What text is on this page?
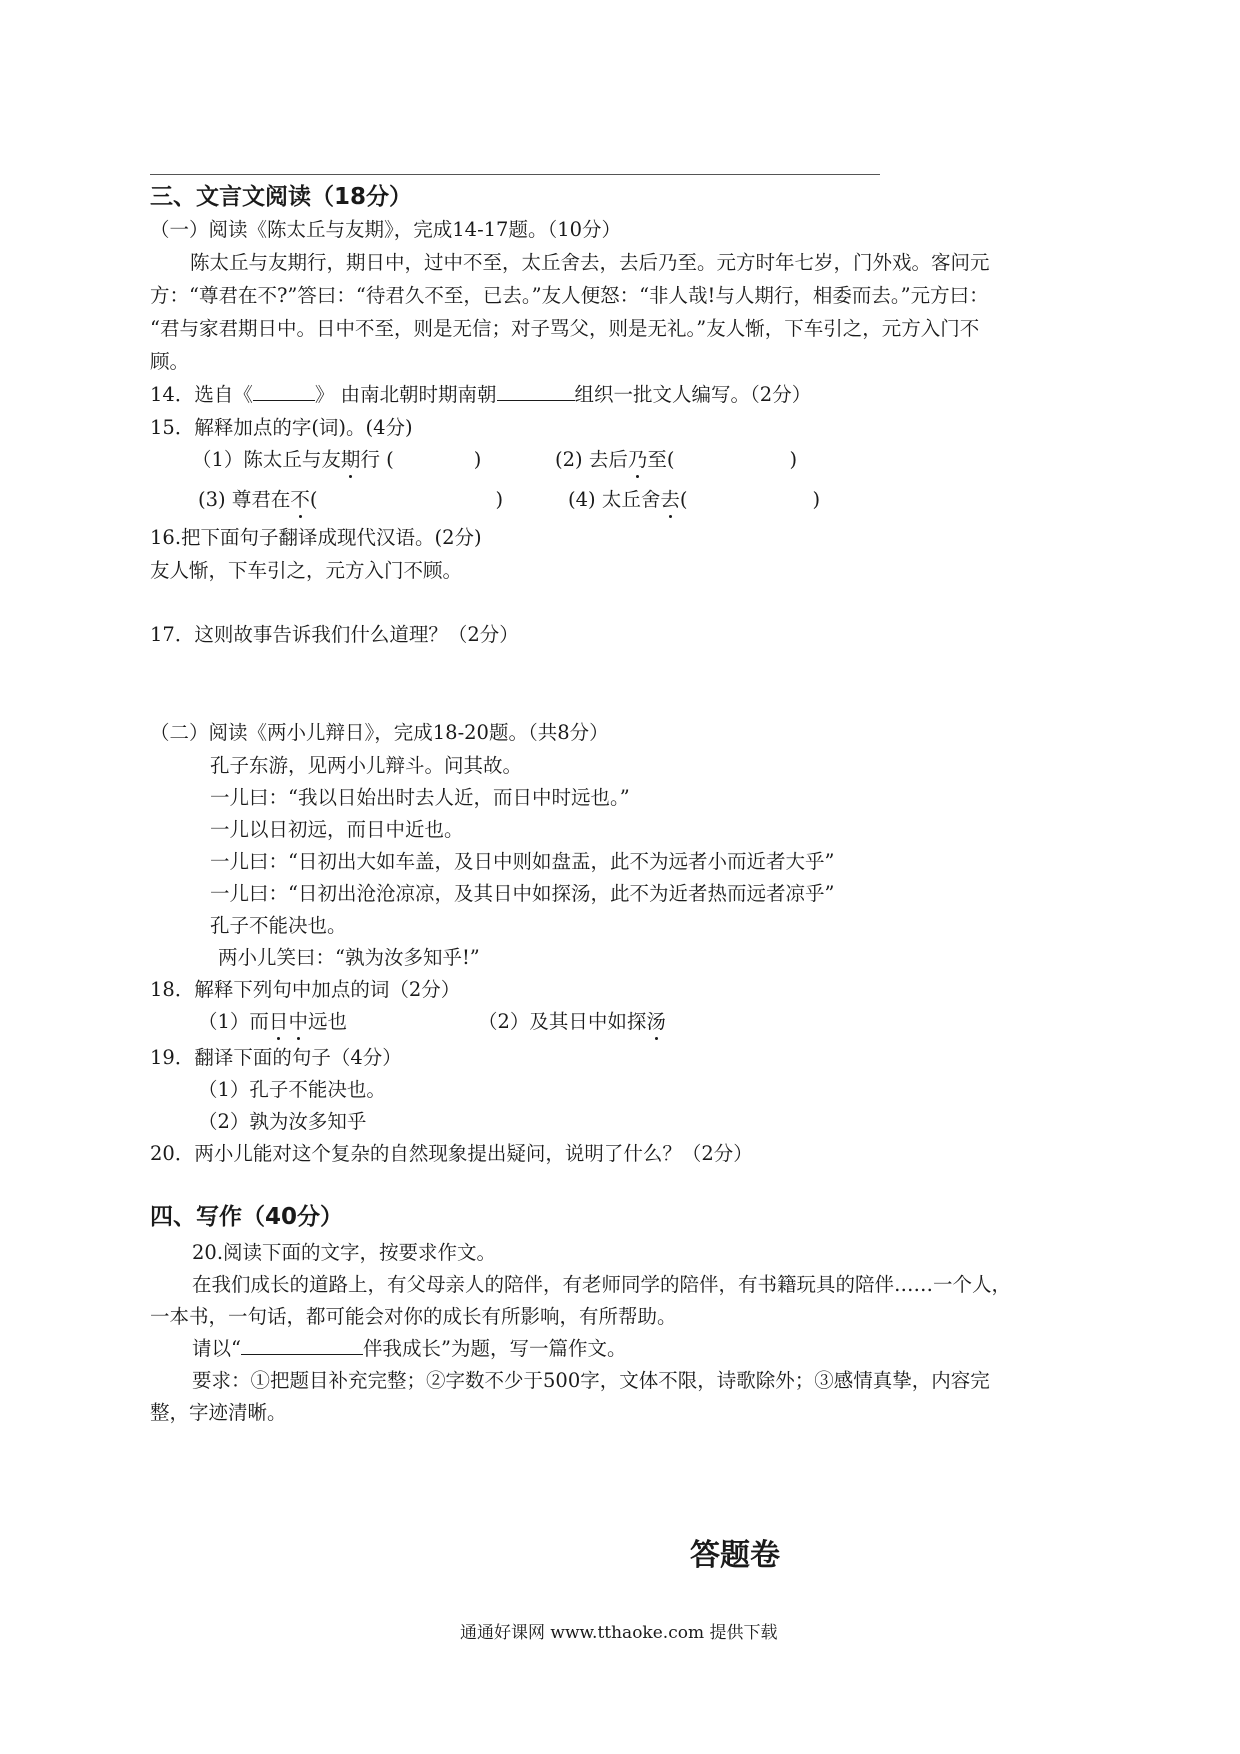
三、文言文阅读（18分）
（一）阅读《陈太丘与友期》，完成14-17题。（10分）
陈太丘与友期行，期日中，过中不至，太丘舍去，去后乃至。元方时年七岁，门外戏。客问元
方：“尊君在不?”答曰：“待君久不至，已去。”友人便怒：“非人哉!与人期行，相委而去。”元方曰：
“君与家君期日中。日中不至，则是无信；对子骂父，则是无礼。”友人惭，下车引之，元方入门不
顾。
14．选自《	》 由南北朝时期南朝	组织一批文人编写。（2分）
15．解释加点的字(词)。(4分)
（1）陈太丘与友期行 (	)	(2) 去后乃至(	)
(3) 尊君在不(	)	(4) 太丘舍去(	)
16.把下面句子翻译成现代汉语。(2分)
友人惭，下车引之，元方入门不顾。
17．这则故事告诉我们什么道理？（2分）
（二）阅读《两小儿辩日》，完成18-20题。（共8分）
孔子东游，见两小儿辩斗。问其故。
一儿曰：“我以日始出时去人近，而日中时远也。”
一儿以日初远，而日中近也。
一儿曰：“日初出大如车盖，及日中则如盘盂，此不为远者小而近者大乎”
一儿曰：“日初出沧沧凉凉，及其日中如探汤，此不为近者热而远者凉乎”
孔子不能决也。
两小儿笑曰：“孰为汝多知乎!”
18．解释下列句中加点的词（2分）
（1）而日中远也	（2）及其日中如探汤
19．翻译下面的句子（4分）
（1）孔子不能决也。
（2）孰为汝多知乎
20．两小儿能对这个复杂的自然现象提出疑问，说明了什么？（2分）
四、写作（40分）
20.阅读下面的文字，按要求作文。
在我们成长的道路上，有父母亲人的陪伴，有老师同学的陪伴，有书籍玩具的陪伴……一个人，
一本书，一句话，都可能会对你的成长有所影响，有所帮助。
请以“	伴我成长”为题，写一篇作文。
要求：①把题目补充完整；②字数不少于500字，文体不限，诗歌除外；③感情真挚，内容完
整，字迹清晰。
答题卷
通通好课网 www.tthaoke.com 提供下载
